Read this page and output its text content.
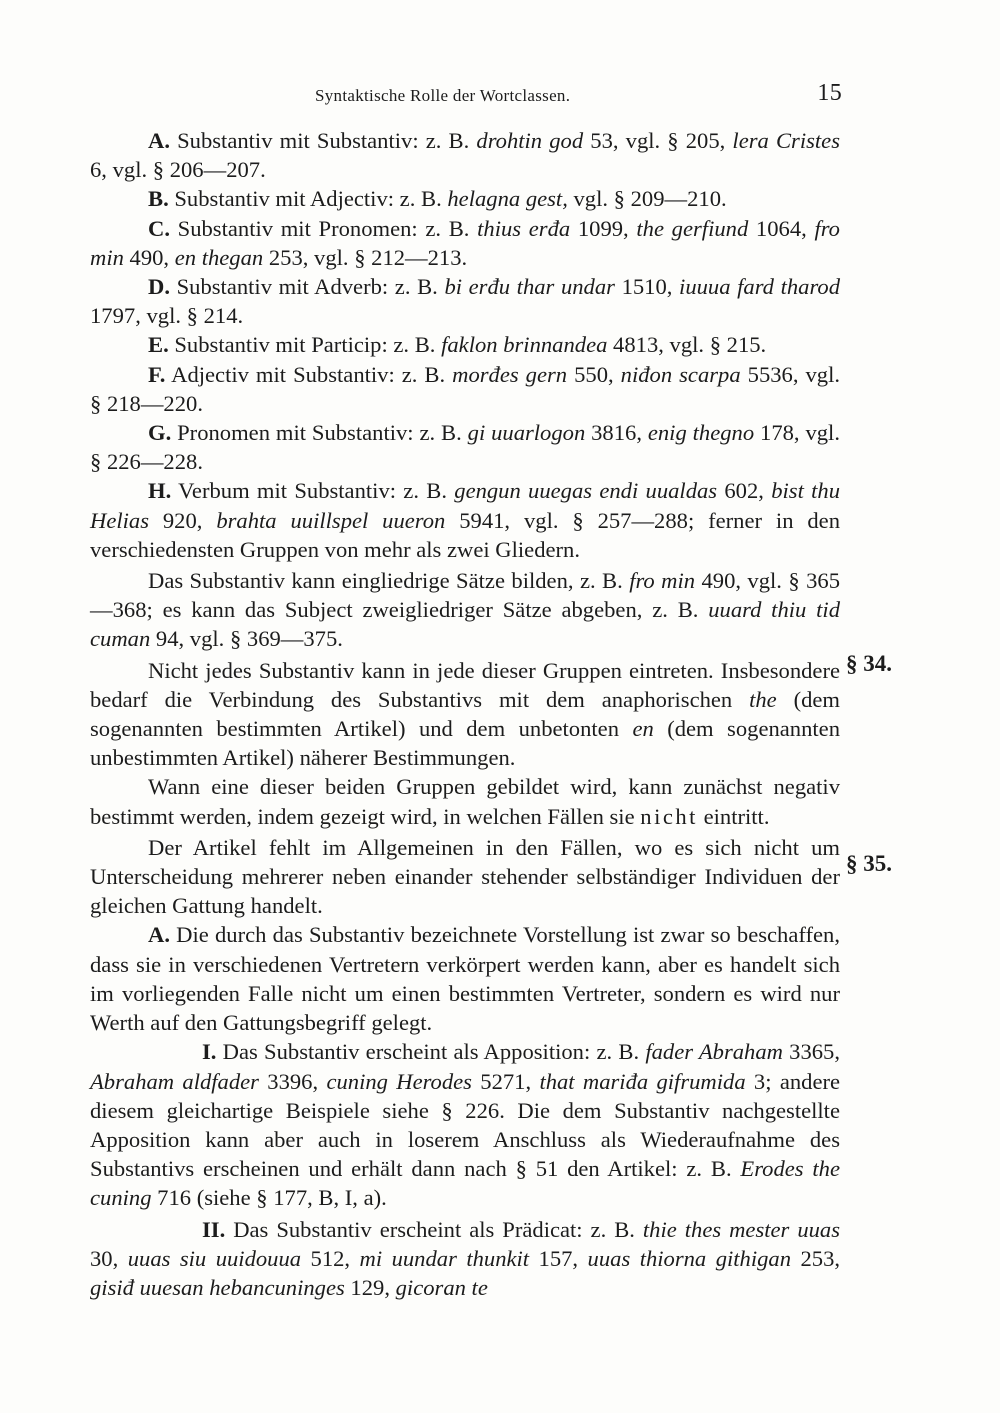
Syntaktische Rolle der Wortclassen.	15
§ 34.
§ 35.

A. Substantiv mit Substantiv: z. B. drohtin god 53, vgl. § 205, lera Cristes 6, vgl. § 206—207.

B. Substantiv mit Adjectiv: z. B. helagna gest, vgl. § 209—210.

C. Substantiv mit Pronomen: z. B. thius erđa 1099, the gerfiund 1064, fro min 490, en thegan 253, vgl. § 212—213.

D. Substantiv mit Adverb: z. B. bi erđu thar undar 1510, iuuua fard tharod 1797, vgl. § 214.

E. Substantiv mit Particip: z. B. faklon brinnandea 4813, vgl. § 215.

F. Adjectiv mit Substantiv: z. B. morđes gern 550, niđon scarpa 5536, vgl. § 218—220.

G. Pronomen mit Substantiv: z. B. gi uuarlogon 3816, enig thegno 178, vgl. § 226—228.

H. Verbum mit Substantiv: z. B. gengun uuegas endi uualdas 602, bist thu Helias 920, brahta uuillspel uueron 5941, vgl. § 257—288; ferner in den verschiedensten Gruppen von mehr als zwei Gliedern.

Das Substantiv kann eingliedrige Sätze bilden, z. B. fro min 490, vgl. § 365—368; es kann das Subject zweigliedriger Sätze abgeben, z. B. uuard thiu tid cuman 94, vgl. § 369—375.

Nicht jedes Substantiv kann in jede dieser Gruppen eintreten. Insbesondere bedarf die Verbindung des Substantivs mit dem anaphorischen the (dem sogenannten bestimmten Artikel) und dem unbetonten en (dem sogenannten unbestimmten Artikel) näherer Bestimmungen.

Wann eine dieser beiden Gruppen gebildet wird, kann zunächst negativ bestimmt werden, indem gezeigt wird, in welchen Fällen sie nicht eintritt.

Der Artikel fehlt im Allgemeinen in den Fällen, wo es sich nicht um Unterscheidung mehrerer neben einander stehender selbständiger Individuen der gleichen Gattung handelt.

A. Die durch das Substantiv bezeichnete Vorstellung ist zwar so beschaffen, dass sie in verschiedenen Vertretern verkörpert werden kann, aber es handelt sich im vorliegenden Falle nicht um einen bestimmten Vertreter, sondern es wird nur Werth auf den Gattungsbegriff gelegt.

I. Das Substantiv erscheint als Apposition: z. B. fader Abraham 3365, Abraham aldfader 3396, cuning Herodes 5271, that mariđa gifrumida 3; andere diesem gleichartige Beispiele siehe § 226. Die dem Substantiv nachgestellte Apposition kann aber auch in loserem Anschluss als Wiederaufnahme des Substantivs erscheinen und erhält dann nach § 51 den Artikel: z. B. Erodes the cuning 716 (siehe § 177, B, I, a).

II. Das Substantiv erscheint als Prädicat: z. B. thie thes mester uuas 30, uuas siu uuidouua 512, mi uundar thunkit 157, uuas thiorna githigan 253, gisiđ uuesan hebancuninges 129, gicoran te
